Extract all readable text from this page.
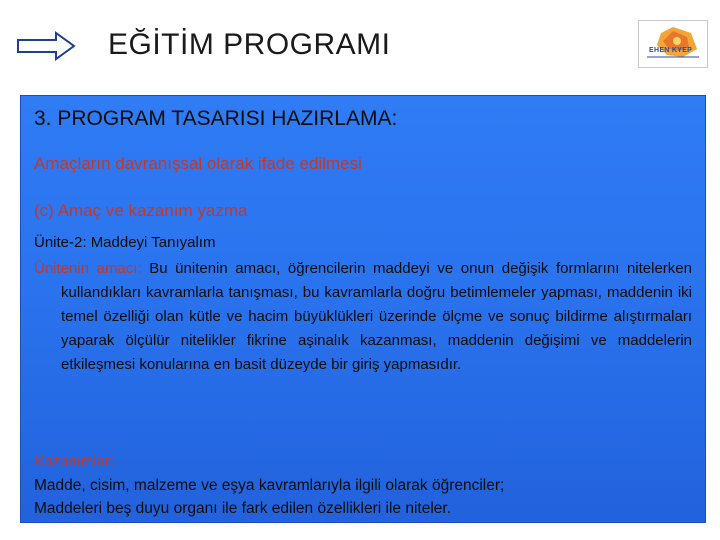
EĞİTİM PROGRAMI	EHEN KYEP
3. PROGRAM TASARISI HAZIRLAMA:
Amaçların davranışsal olarak ifade edilmesi
(c) Amaç ve kazanım yazma
Ünite-2: Maddeyi Tanıyalım
Ünitenin amacı: Bu ünitenin amacı, öğrencilerin maddeyi ve onun değişik formlarını nitelerken kullandıkları kavramlarla tanışması, bu kavramlarla doğru betimlemeler yapması, maddenin iki temel özelliği olan kütle ve hacim büyüklükleri üzerinde ölçme ve sonuç bildirme alıştırmaları yaparak ölçülür nitelikler fikrine aşinalık kazanması, maddenin değişimi ve maddelerin etkileşmesi konularına en basit düzeyde bir giriş yapmasıdır.
Kazanımlar:
Madde, cisim, malzeme ve eşya kavramlarıyla ilgili olarak öğrenciler;
Maddeleri beş duyu organı ile fark edilen özellikleri ile niteler.
